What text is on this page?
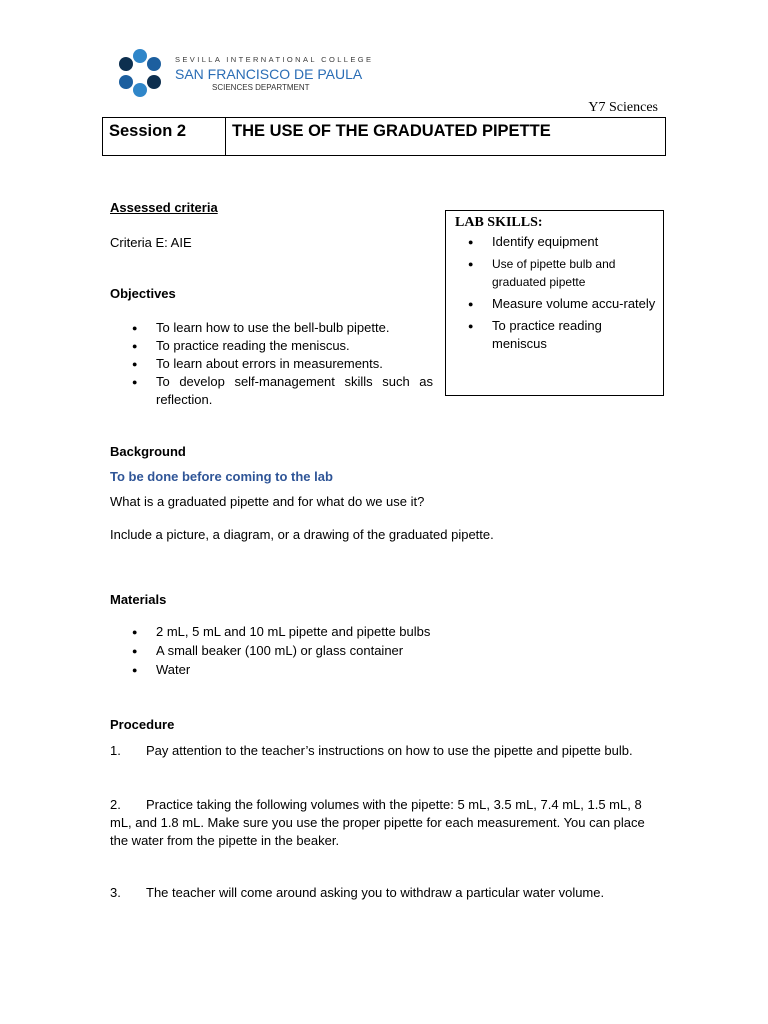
SEVILLA INTERNATIONAL COLLEGE
SAN FRANCISCO DE PAULA
SCIENCES DEPARTMENT
Y7 Sciences
Session 2	THE USE OF THE GRADUATED PIPETTE
Assessed criteria
Criteria E: AIE
Objectives
● To learn how to use the bell-bulb pipette.
● To practice reading the meniscus.
● To learn about errors in measurements.
● To develop self-management skills such as reflection.
LAB SKILLS:
● Identify equipment
● Use of pipette bulb and graduated pipette
● Measure volume accu-rately
● To practice reading meniscus
Background
To be done before coming to the lab
What is a graduated pipette and for what do we use it?
Include a picture, a diagram, or a drawing of the graduated pipette.
Materials
● 2 mL, 5 mL and 10 mL pipette and pipette bulbs
● A small beaker (100 mL) or glass container
● Water
Procedure
1. Pay attention to the teacher’s instructions on how to use the pipette and pipette bulb.
2. Practice taking the following volumes with the pipette: 5 mL, 3.5 mL, 7.4 mL, 1.5 mL, 8 mL, and 1.8 mL. Make sure you use the proper pipette for each measurement. You can place the water from the pipette in the beaker.
3. The teacher will come around asking you to withdraw a particular water volume.
